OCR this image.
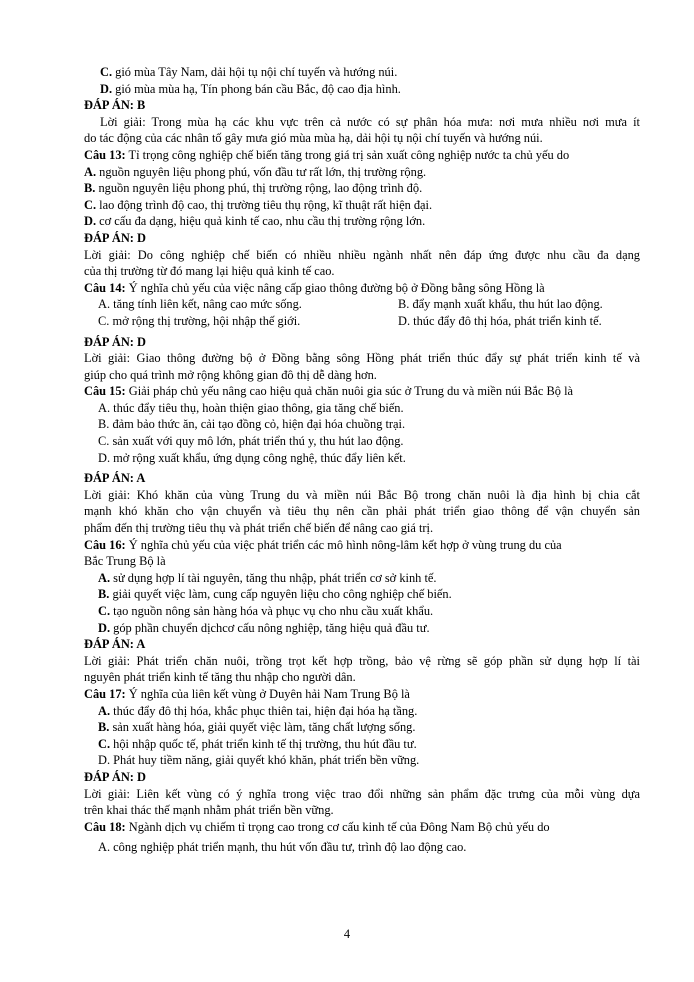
C. gió mùa Tây Nam, dải hội tụ nội chí tuyến và hướng núi.
D. gió mùa mùa hạ, Tín phong bán cầu Bắc, độ cao địa hình.
ĐÁP ÁN: B
Lời giải: Trong mùa hạ các khu vực trên cả nước có sự phân hóa mưa: nơi mưa nhiều nơi mưa ít
do tác động của các nhân tố gây mưa gió mùa mùa hạ, dải hội tụ nội chí tuyến và hướng núi.
Câu 13: Tỉ trọng công nghiệp chế biến tăng trong giá trị sản xuất công nghiệp nước ta chủ yếu do
A. nguồn nguyên liệu phong phú, vốn đầu tư rất lớn, thị trường rộng.
B. nguồn nguyên liệu phong phú, thị trường rộng, lao động trình độ.
C. lao động trình độ cao, thị trường tiêu thụ rộng, kĩ thuật rất hiện đại.
D. cơ cấu đa dạng, hiệu quả kinh tế cao, nhu cầu thị trường rộng lớn.
ĐÁP ÁN: D
Lời giải: Do công nghiệp chế biến có nhiều nhiều ngành nhất nên đáp ứng được nhu cầu đa dạng
của thị trường từ đó mang lại hiệu quả kinh tế cao.
Câu 14: Ý nghĩa chủ yếu của việc nâng cấp giao thông đường bộ ở Đồng bằng sông Hồng là
A. tăng tính liên kết, nâng cao mức sống.	B. đẩy mạnh xuất khẩu, thu hút lao động.
C. mở rộng thị trường, hội nhập thế giới.	D. thúc đẩy đô thị hóa, phát triển kinh tế.
ĐÁP ÁN: D
Lời giải: Giao thông đường bộ ở Đồng bằng sông Hồng phát triển thúc đẩy sự phát triển kinh tế và
giúp cho quá trình mở rộng không gian đô thị dễ dàng hơn.
Câu 15: Giải pháp chủ yếu nâng cao hiệu quả chăn nuôi gia súc ở Trung du và miền núi Bắc Bộ là
A. thúc đẩy tiêu thụ, hoàn thiện giao thông, gia tăng chế biến.
B. đảm bảo thức ăn, cải tạo đồng cỏ, hiện đại hóa chuồng trại.
C. sản xuất với quy mô lớn, phát triển thú y, thu hút lao động.
D. mở rộng xuất khẩu, ứng dụng công nghệ, thúc đẩy liên kết.
ĐÁP ÁN: A
Lời giải: Khó khăn của vùng Trung du và miền núi Bắc Bộ trong chăn nuôi là địa hình bị chia cắt
mạnh khó khăn cho vận chuyển và tiêu thụ nên cần phải phát triển giao thông để vận chuyển sản
phẩm đến thị trường tiêu thụ và phát triển chế biến để nâng cao giá trị.
Câu 16: Ý nghĩa chủ yếu của việc phát triển các mô hình nông-lâm kết hợp ở vùng trung du của
Bắc Trung Bộ là
A. sử dụng hợp lí tài nguyên, tăng thu nhập, phát triển cơ sở kinh tế.
B. giải quyết việc làm, cung cấp nguyên liệu cho công nghiệp chế biến.
C. tạo nguồn nông sản hàng hóa và phục vụ cho nhu cầu xuất khẩu.
D. góp phần chuyển dịchcơ cấu nông nghiệp, tăng hiệu quả đầu tư.
ĐÁP ÁN: A
Lời giải: Phát triển chăn nuôi, trồng trọt kết hợp trồng, bảo vệ rừng sẽ góp phần sử dụng hợp lí tài
nguyên phát triển kinh tế tăng thu nhập cho người dân.
Câu 17: Ý nghĩa của liên kết vùng ở Duyên hải Nam Trung Bộ là
A. thúc đẩy đô thị hóa, khắc phục thiên tai, hiện đại hóa hạ tầng.
B. sản xuất hàng hóa, giải quyết việc làm, tăng chất lượng sống.
C. hội nhập quốc tế, phát triển kinh tế thị trường, thu hút đầu tư.
D. Phát huy tiềm năng, giải quyết khó khăn, phát triển bền vững.
ĐÁP ÁN: D
Lời giải: Liên kết vùng có ý nghĩa trong việc trao đổi những sản phẩm đặc trưng của mỗi vùng dựa
trên khai thác thế mạnh nhằm phát triển bền vững.
Câu 18: Ngành dịch vụ chiếm tỉ trọng cao trong cơ cấu kinh tế của Đông Nam Bộ chủ yếu do
A. công nghiệp phát triển mạnh, thu hút vốn đầu tư, trình độ lao động cao.
4
